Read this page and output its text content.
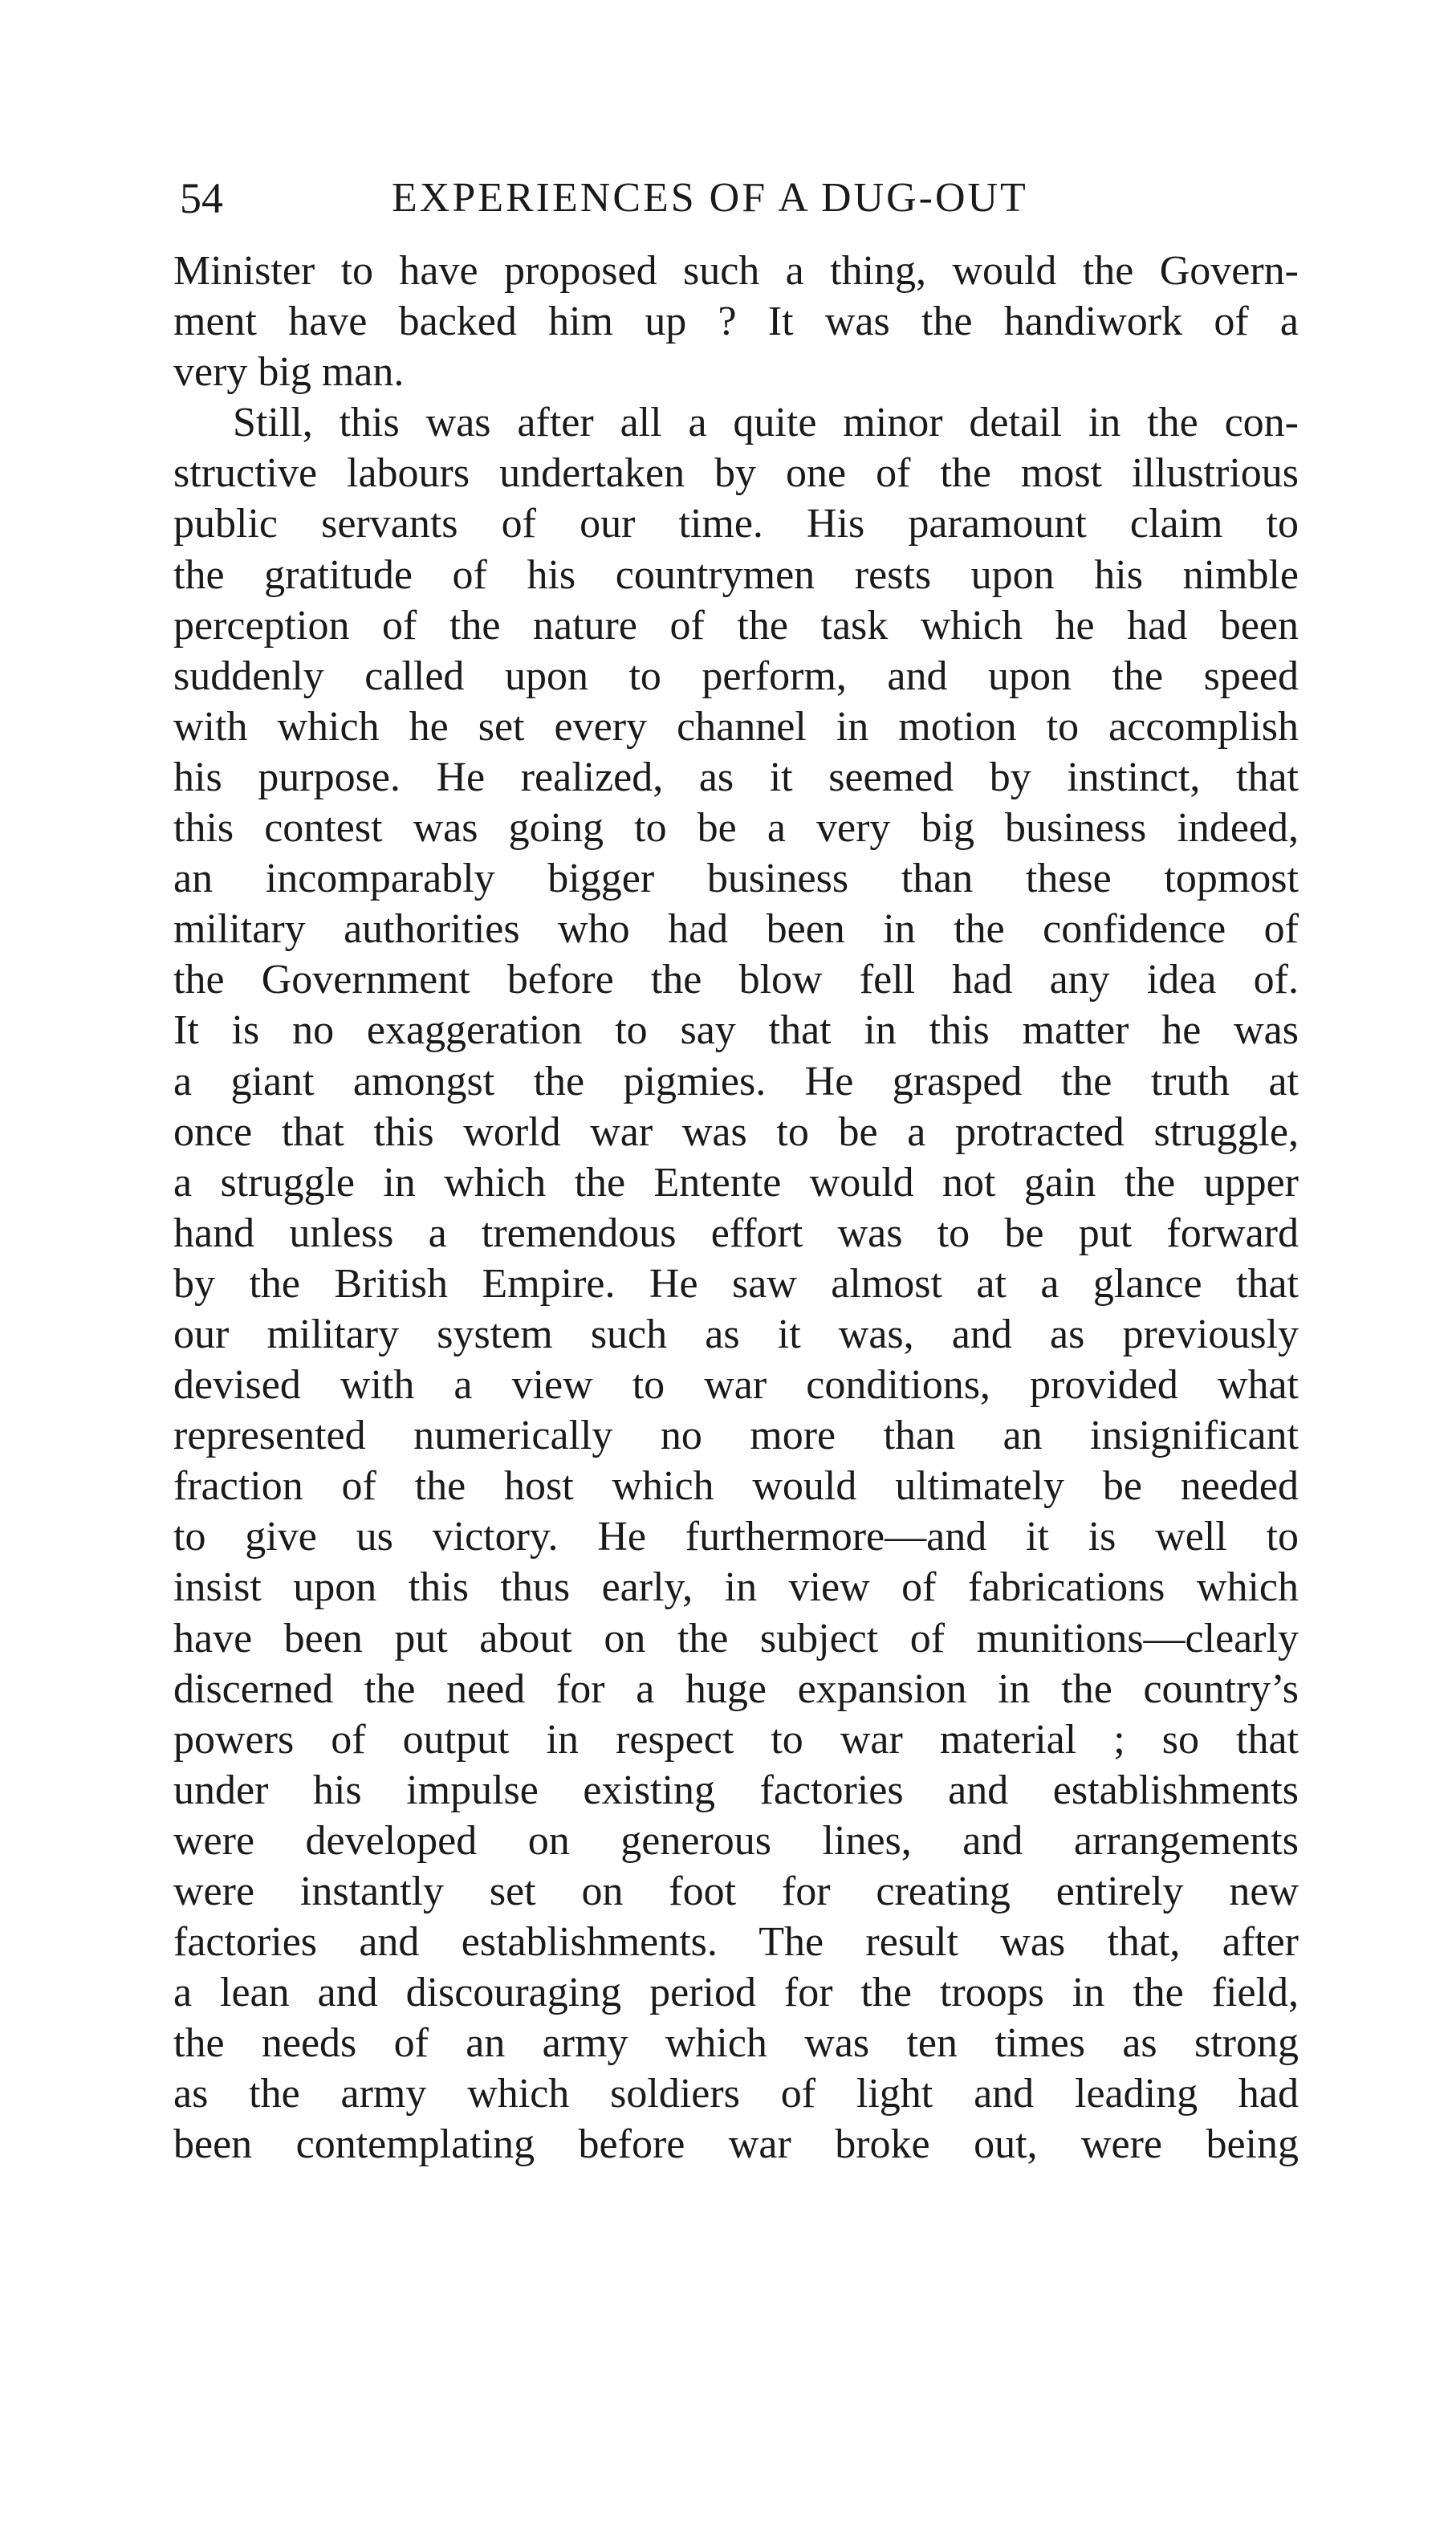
54	EXPERIENCES OF A DUG-OUT
Minister to have proposed such a thing, would the Govern-
ment have backed him up ? It was the handiwork of a
very big man.
Still, this was after all a quite minor detail in the con-
structive labours undertaken by one of the most illustrious
public servants of our time. His paramount claim to
the gratitude of his countrymen rests upon his nimble
perception of the nature of the task which he had been
suddenly called upon to perform, and upon the speed
with which he set every channel in motion to accomplish
his purpose. He realized, as it seemed by instinct, that
this contest was going to be a very big business indeed,
an incomparably bigger business than these topmost
military authorities who had been in the confidence of
the Government before the blow fell had any idea of.
It is no exaggeration to say that in this matter he was
a giant amongst the pigmies. He grasped the truth at
once that this world war was to be a protracted struggle,
a struggle in which the Entente would not gain the upper
hand unless a tremendous effort was to be put forward
by the British Empire. He saw almost at a glance that
our military system such as it was, and as previously
devised with a view to war conditions, provided what
represented numerically no more than an insignificant
fraction of the host which would ultimately be needed
to give us victory. He furthermore—and it is well to
insist upon this thus early, in view of fabrications which
have been put about on the subject of munitions—clearly
discerned the need for a huge expansion in the country’s
powers of output in respect to war material ; so that
under his impulse existing factories and establishments
were developed on generous lines, and arrangements
were instantly set on foot for creating entirely new
factories and establishments. The result was that, after
a lean and discouraging period for the troops in the field,
the needs of an army which was ten times as strong
as the army which soldiers of light and leading had
been contemplating before war broke out, were being
